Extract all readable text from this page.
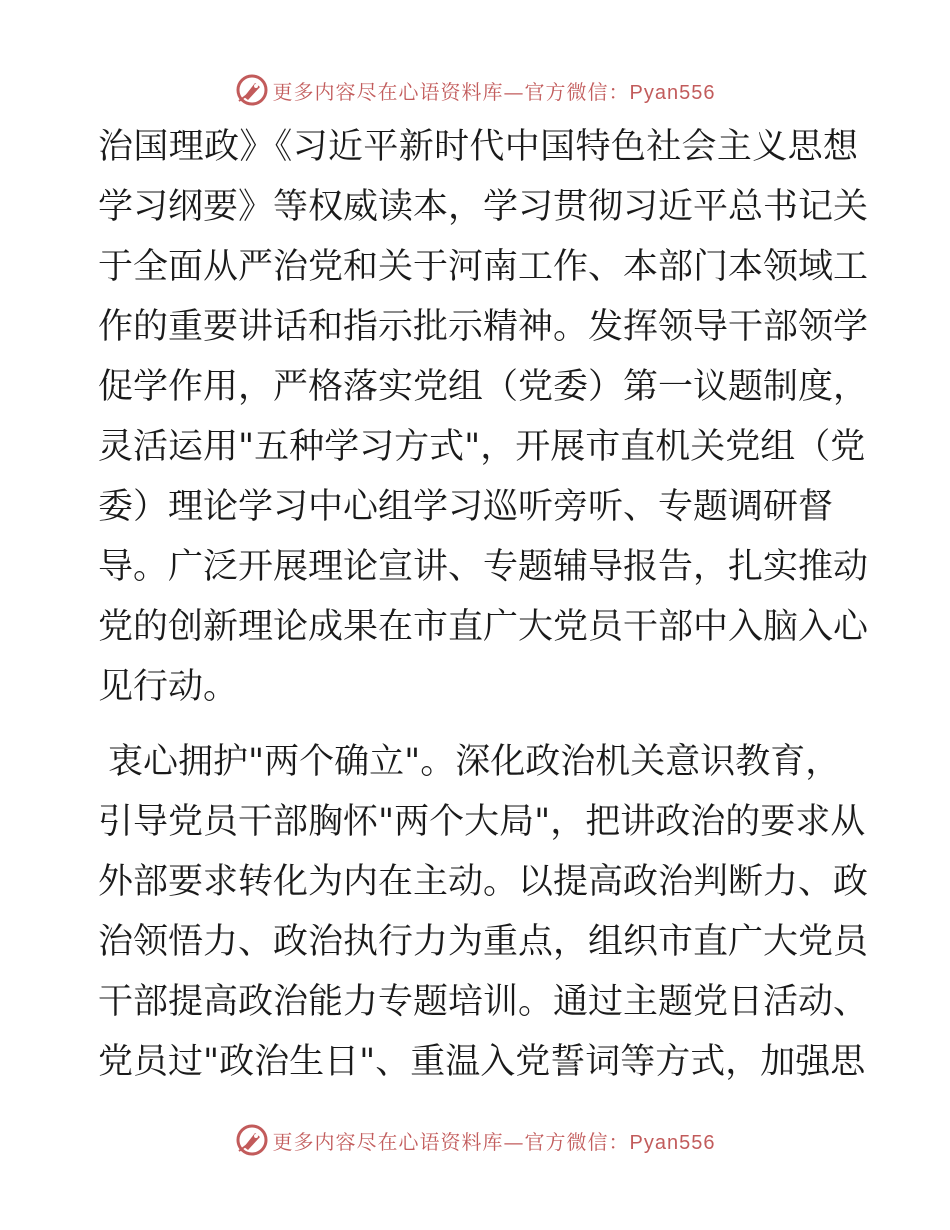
更多内容尽在心语资料库—官方微信：Pyan556
治国理政》《习近平新时代中国特色社会主义思想
学习纲要》等权威读本，学习贯彻习近平总书记关
于全面从严治党和关于河南工作、本部门本领域工
作的重要讲话和指示批示精神。发挥领导干部领学
促学作用，严格落实党组（党委）第一议题制度，
灵活运用"五种学习方式"，开展市直机关党组（党
委）理论学习中心组学习巡听旁听、专题调研督
导。广泛开展理论宣讲、专题辅导报告，扎实推动
党的创新理论成果在市直广大党员干部中入脑入心
见行动。
衷心拥护"两个确立"。深化政治机关意识教育，
引导党员干部胸怀"两个大局"，把讲政治的要求从
外部要求转化为内在主动。以提高政治判断力、政
治领悟力、政治执行力为重点，组织市直广大党员
干部提高政治能力专题培训。通过主题党日活动、
党员过"政治生日"、重温入党誓词等方式，加强思
更多内容尽在心语资料库—官方微信：Pyan556
